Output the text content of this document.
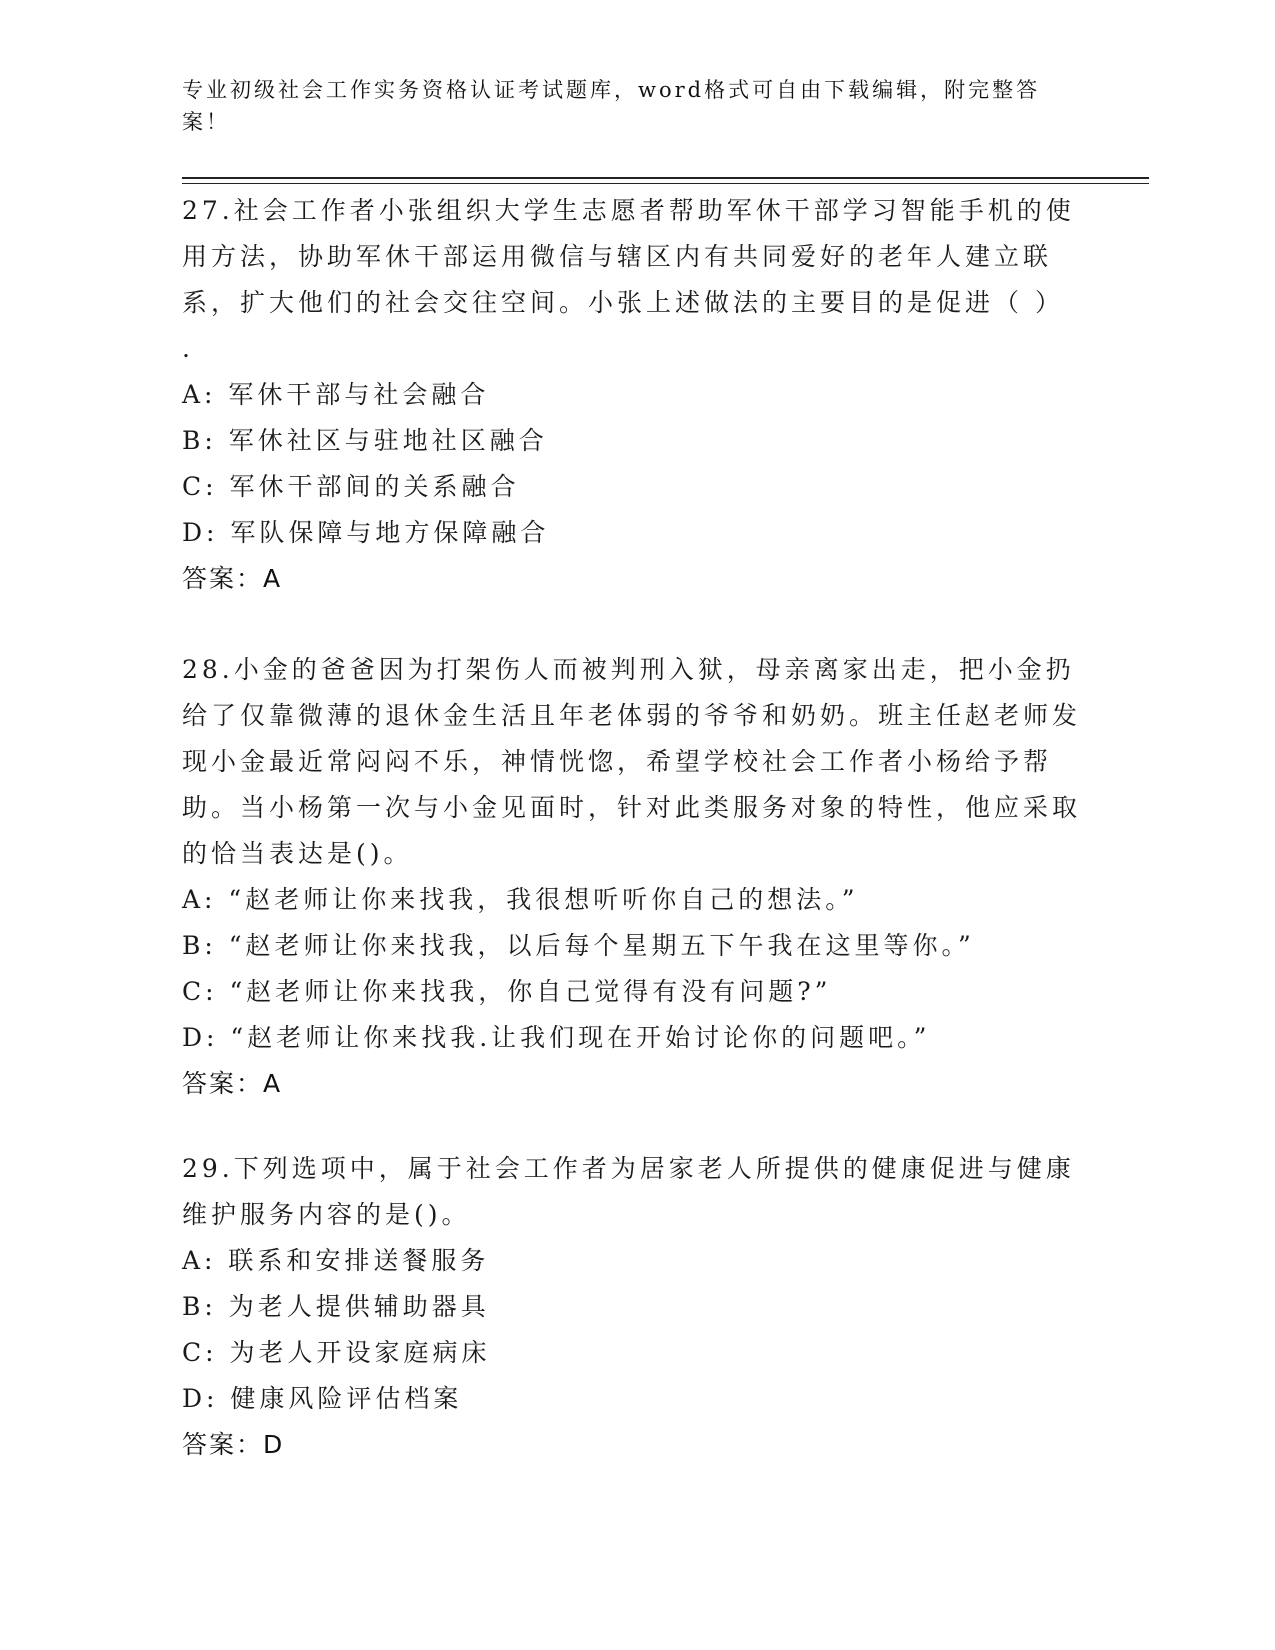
专业初级社会工作实务资格认证考试题库，word格式可自由下载编辑，附完整答案！

27.社会工作者小张组织大学生志愿者帮助军休干部学习智能手机的使用方法，协助军休干部运用微信与辖区内有共同爱好的老年人建立联系，扩大他们的社会交往空间。小张上述做法的主要目的是促进（ ）

.

A: 军休干部与社会融合

B: 军休社区与驻地社区融合

C: 军休干部间的关系融合

D: 军队保障与地方保障融合

答案：A

28.小金的爸爸因为打架伤人而被判刑入狱，母亲离家出走，把小金扔给了仅靠微薄的退休金生活且年老体弱的爷爷和奶奶。班主任赵老师发现小金最近常闷闷不乐，神情恍惚，希望学校社会工作者小杨给予帮助。当小杨第一次与小金见面时，针对此类服务对象的特性，他应采取的恰当表达是()。

A: “赵老师让你来找我，我很想听听你自己的想法。”

B: “赵老师让你来找我，以后每个星期五下午我在这里等你。”

C: “赵老师让你来找我，你自己觉得有没有问题?”

D: “赵老师让你来找我.让我们现在开始讨论你的问题吧。”

答案：A

29.下列选项中，属于社会工作者为居家老人所提供的健康促进与健康维护服务内容的是()。

A: 联系和安排送餐服务

B: 为老人提供辅助器具

C: 为老人开设家庭病床

D: 健康风险评估档案

答案：D
